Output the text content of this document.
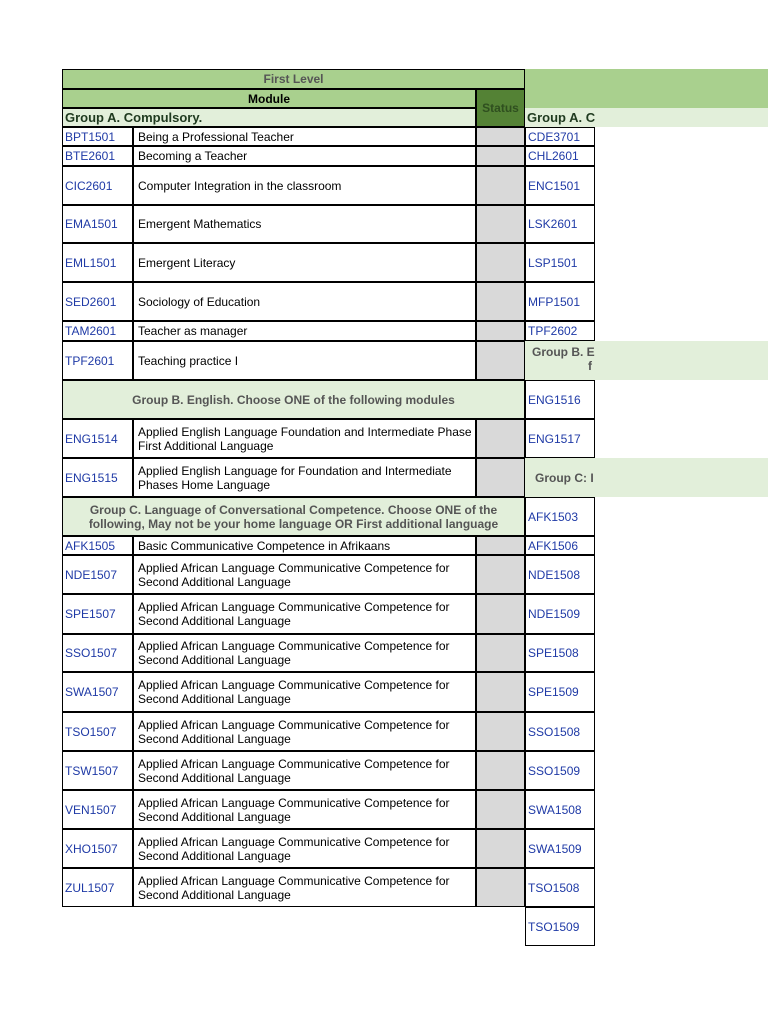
First Level
Module
Status
Group A. Compulsory.
BPT1501	Being a Professional Teacher
BTE2601	Becoming a Teacher
CIC2601	Computer Integration in the classroom
EMA1501	Emergent Mathematics
EML1501	Emergent Literacy
SED2601	Sociology of Education
TAM2601	Teacher as manager
TPF2601	Teaching practice I
Group B. English. Choose ONE of the following modules
ENG1514	Applied English Language Foundation and Intermediate Phase First Additional Language
ENG1515	Applied English Language for Foundation and Intermediate Phases Home Language
Group C. Language of Conversational Competence. Choose ONE of the following, May not be your home language OR First additional language
AFK1505	Basic Communicative Competence in Afrikaans
NDE1507	Applied African Language Communicative Competence for Second Additional Language
SPE1507	Applied African Language Communicative Competence for Second Additional Language
SSO1507	Applied African Language Communicative Competence for Second Additional Language
SWA1507	Applied African Language Communicative Competence for Second Additional Language
TSO1507	Applied African Language Communicative Competence for Second Additional Language
TSW1507	Applied African Language Communicative Competence for Second Additional Language
VEN1507	Applied African Language Communicative Competence for Second Additional Language
XHO1507	Applied African Language Communicative Competence for Second Additional Language
ZUL1507	Applied African Language Communicative Competence for Second Additional Language
Group A. C
CDE3701
CHL2601
ENC1501
LSK2601
LSP1501
MFP1501
TPF2602
Group B. E
f
ENG1516
ENG1517
Group C: I
AFK1503
AFK1506
NDE1508
NDE1509
SPE1508
SPE1509
SSO1508
SSO1509
SWA1508
SWA1509
TSO1508
TSO1509
